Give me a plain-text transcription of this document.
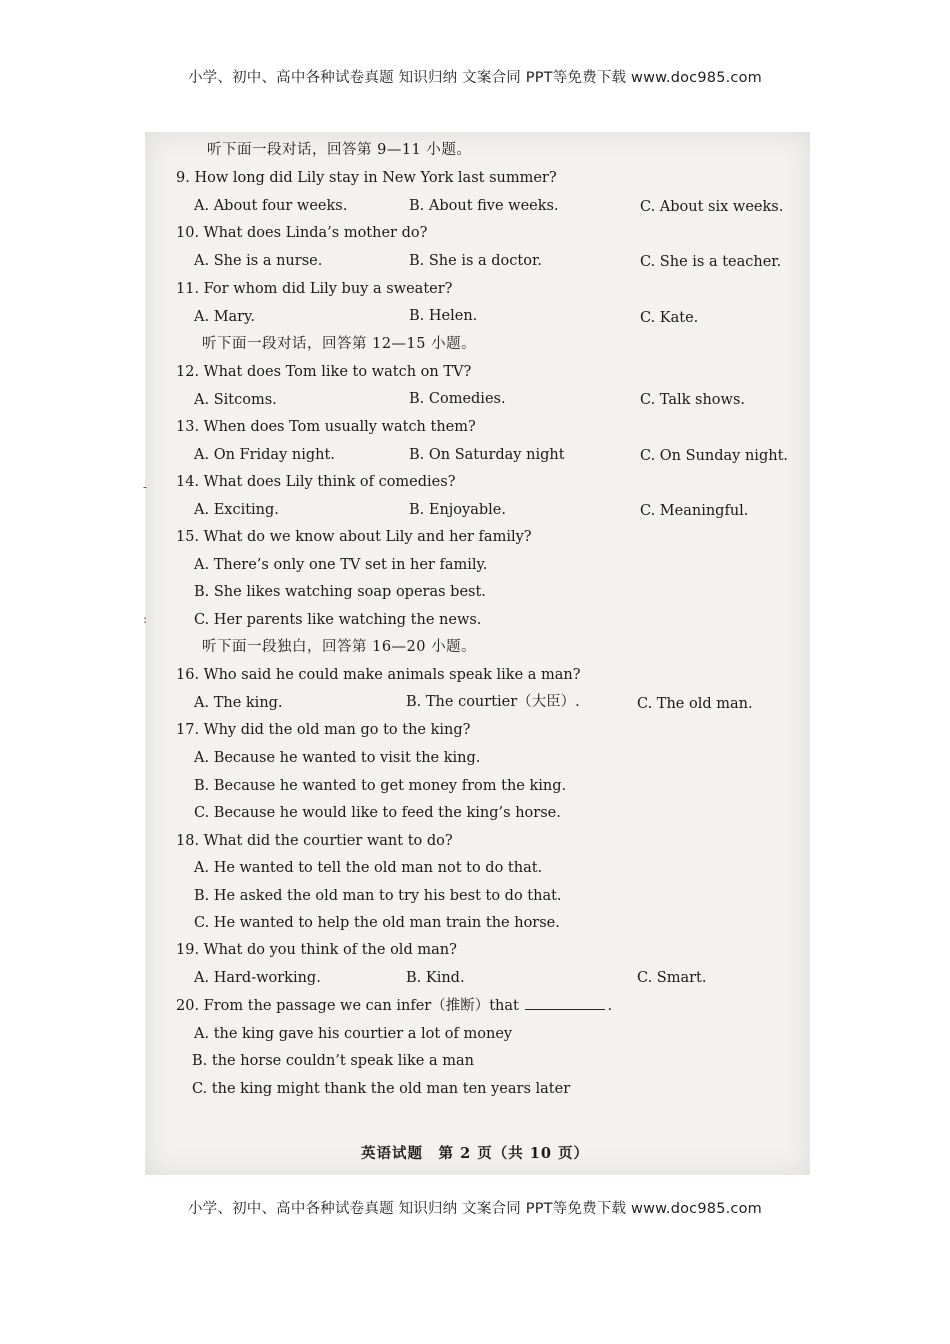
小学、初中、高中各种试卷真题 知识归纳 文案合同 PPT等免费下载 www.doc985.com
-
:
听下面一段对话，回答第 9—11 小题。
9. How long did Lily stay in New York last summer?
A. About four weeks.	B. About five weeks.	C. About six weeks.
10. What does Linda’s mother do?
A. She is a nurse.	B. She is a doctor.	C. She is a teacher.
11. For whom did Lily buy a sweater?
A. Mary.	B. Helen.	C. Kate.
听下面一段对话，回答第 12—15 小题。
12. What does Tom like to watch on TV?
A. Sitcoms.	B. Comedies.	C. Talk shows.
13. When does Tom usually watch them?
A. On Friday night.	B. On Saturday night	C. On Sunday night.
14. What does Lily think of comedies?
A. Exciting.	B. Enjoyable.	C. Meaningful.
15. What do we know about Lily and her family?
A. There’s only one TV set in her family.
B. She likes watching soap operas best.
C. Her parents like watching the news.
听下面一段独白，回答第 16—20 小题。
16. Who said he could make animals speak like a man?
A. The king.	B. The courtier（大臣）.	C. The old man.
17. Why did the old man go to the king?
A. Because he wanted to visit the king.
B. Because he wanted to get money from the king.
C. Because he would like to feed the king’s horse.
18. What did the courtier want to do?
A. He wanted to tell the old man not to do that.
B. He asked the old man to try his best to do that.
C. He wanted to help the old man train the horse.
19. What do you think of the old man?
A. Hard-working.	B. Kind.	C. Smart.
20. From the passage we can infer（推断）that	.
A. the king gave his courtier a lot of money
B. the horse couldn’t speak like a man
C. the king might thank the old man ten years later
英语试题　第 2 页（共 10 页）
小学、初中、高中各种试卷真题 知识归纳 文案合同 PPT等免费下载 www.doc985.com
